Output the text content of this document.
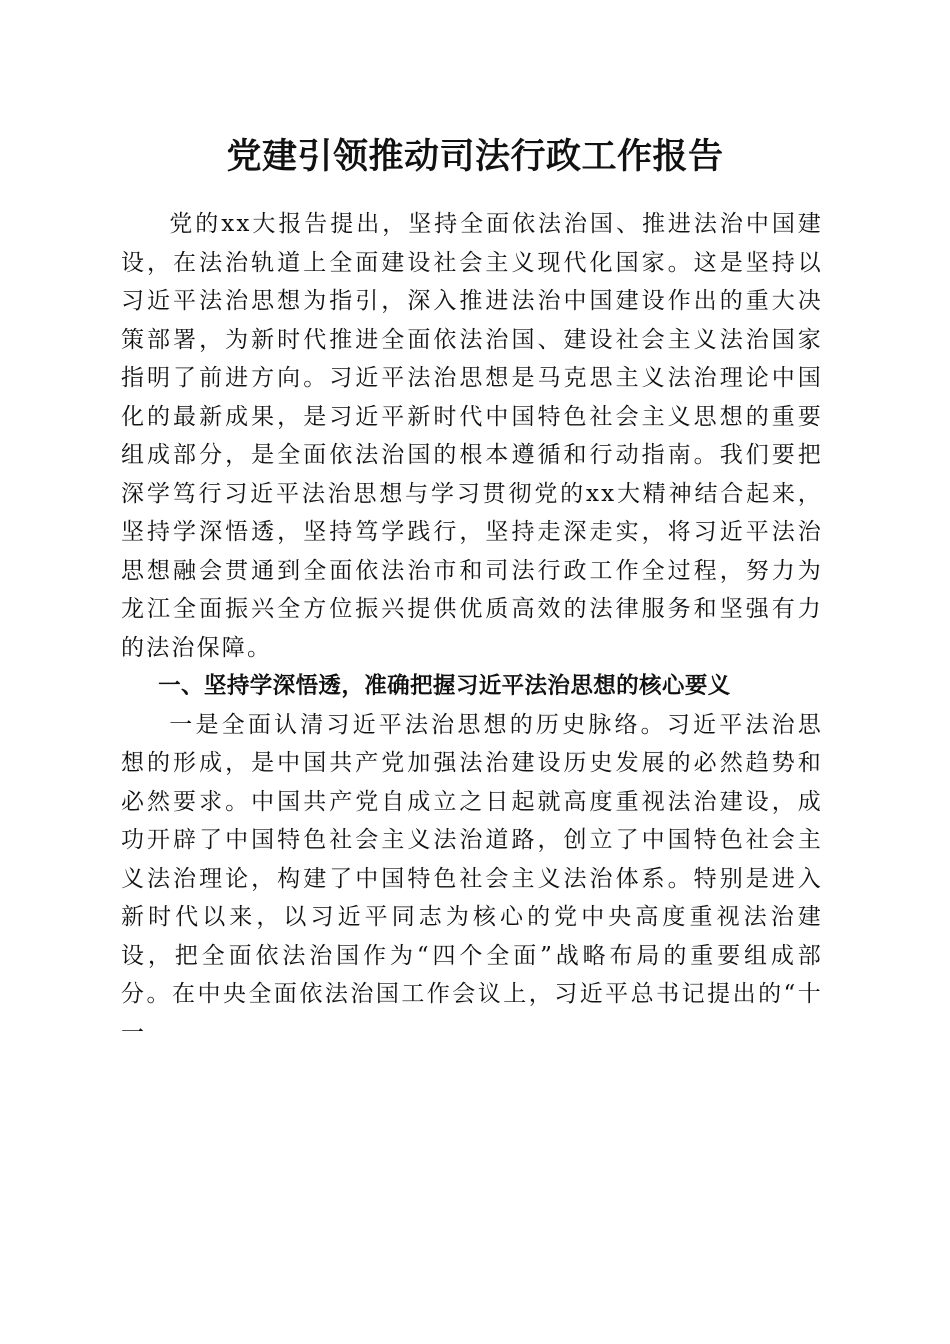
党建引领推动司法行政工作报告

党的xx大报告提出，坚持全面依法治国、推进法治中国建设，在法治轨道上全面建设社会主义现代化国家。这是坚持以习近平法治思想为指引，深入推进法治中国建设作出的重大决策部署，为新时代推进全面依法治国、建设社会主义法治国家指明了前进方向。习近平法治思想是马克思主义法治理论中国化的最新成果，是习近平新时代中国特色社会主义思想的重要组成部分，是全面依法治国的根本遵循和行动指南。我们要把深学笃行习近平法治思想与学习贯彻党的xx大精神结合起来，坚持学深悟透，坚持笃学践行，坚持走深走实，将习近平法治思想融会贯通到全面依法治市和司法行政工作全过程，努力为龙江全面振兴全方位振兴提供优质高效的法律服务和坚强有力的法治保障。

一、坚持学深悟透，准确把握习近平法治思想的核心要义

一是全面认清习近平法治思想的历史脉络。习近平法治思想的形成，是中国共产党加强法治建设历史发展的必然趋势和必然要求。中国共产党自成立之日起就高度重视法治建设，成功开辟了中国特色社会主义法治道路，创立了中国特色社会主义法治理论，构建了中国特色社会主义法治体系。特别是进入新时代以来，以习近平同志为核心的党中央高度重视法治建设，把全面依法治国作为“四个全面”战略布局的重要组成部分。在中央全面依法治国工作会议上，习近平总书记提出的“十一
